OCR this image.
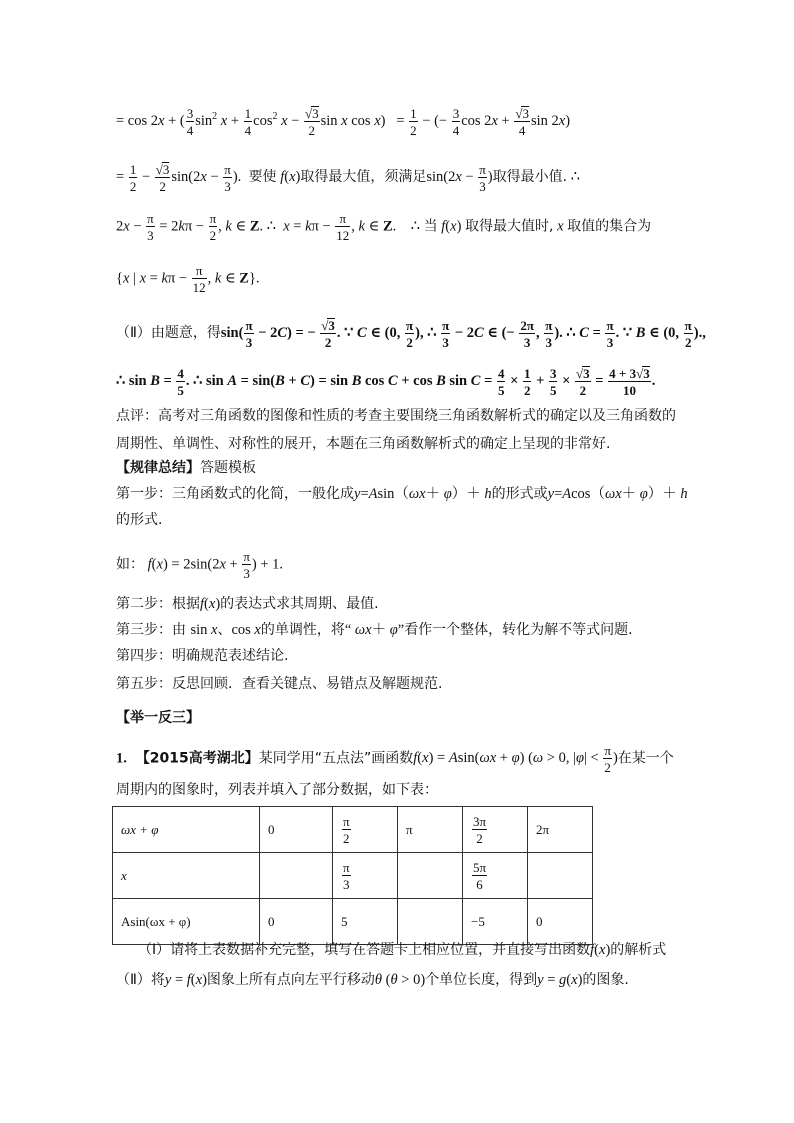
= cos 2x + ( $\frac{3}{4} \sin^2 x + \frac{1}{4} \cos^2 x - \frac{√3}{2}$ sin x $\cos x) = \frac{1}{2}$ − (− $\frac{3}{4}$ $\cos 2x + \frac{√3}{4}$ sin 2x)
= $\frac{1}{2} - \frac{√3}{2} \sin(2x - \frac{\pi}{3}$ ).  要使 f(x)取得最大值，须满足$\sin(2x - \frac{\pi}{3}$ )取得最小值. ∴
$2x - \frac{\pi}{3} = 2k\pi - \frac{\pi}{2}$ , k ∈ Z. ∴  $x = k\pi - \frac{\pi}{12}$ , k ∈ Z.    ∴ 当 f(x) 取得最大值时, x 取值的集合为
{x | $x = k\pi - \frac{\pi}{12}$ , k ∈ Z}.
（Ⅱ）由题意，得$\sin( \frac{\pi}{3} - 2C)$ = − $\frac{√3}{2}$ . ∵ C ∈ (0, $\frac{\pi}{2}$ ), ∴ $\frac{\pi}{3} - 2C$ ∈ (− $\frac{2\pi}{3}$ , $\frac{\pi}{3}$ ). ∴ $C = \frac{\pi}{3}$ . ∵ B ∈ (0, $\frac{\pi}{2}$ ).,
∴ $\sin B = \frac{4}{5}$ . ∴ sin A = sin(B + C) = sin B cos C + cos B $\sin C = \frac{4}{5} \times \frac{1}{2} + \frac{3}{5} \times \frac{√3}{2} = \frac{4 + 3√3}{10}$ .
点评：高考对三角函数的图像和性质的考查主要围绕三角函数解析式的确定以及三角函数的
周期性、单调性、对称性的展开，本题在三角函数解析式的确定上呈现的非常好.
【规律总结】答题模板
第一步：三角函数式的化简，一般化成y=Asin（ωx＋ φ）＋ h的形式或y=Acos（ωx＋ φ）＋ h
的形式.
如： $f(x) = 2\sin(2x + \frac{\pi}{3}$ ) + 1.
第二步：根据f(x)的表达式求其周期、最值.
第三步：由 sin x、cos x的单调性，将“ ωx＋ φ”看作一个整体，转化为解不等式问题.
第四步：明确规范表述结论.
第五步：反思回顾．查看关键点、易错点及解题规范.
【举一反三】
1. 【2015高考湖北】某同学用“五点法”画函数f(x) = Asin(ωx + φ) (ω > 0, $|\varphi| < \frac{\pi}{2}$ )在某一个
周期内的图象时，列表并填入了部分数据，如下表：
ωx + φ	0	$\frac{\pi}{2}$	π	$\frac{3\pi}{2}$	2π
x		$\frac{\pi}{3}$		$\frac{5\pi}{6}$

Asin(ωx + φ)	0	5		−5	0
（Ⅰ）请将上表数据补充完整，填写在答题卡上相应位置，并直接写出函数f(x)的解析式
（Ⅱ）将y = f(x)图象上所有点向左平行移动θ (θ > 0)个单位长度，得到y = g(x)的图象.
